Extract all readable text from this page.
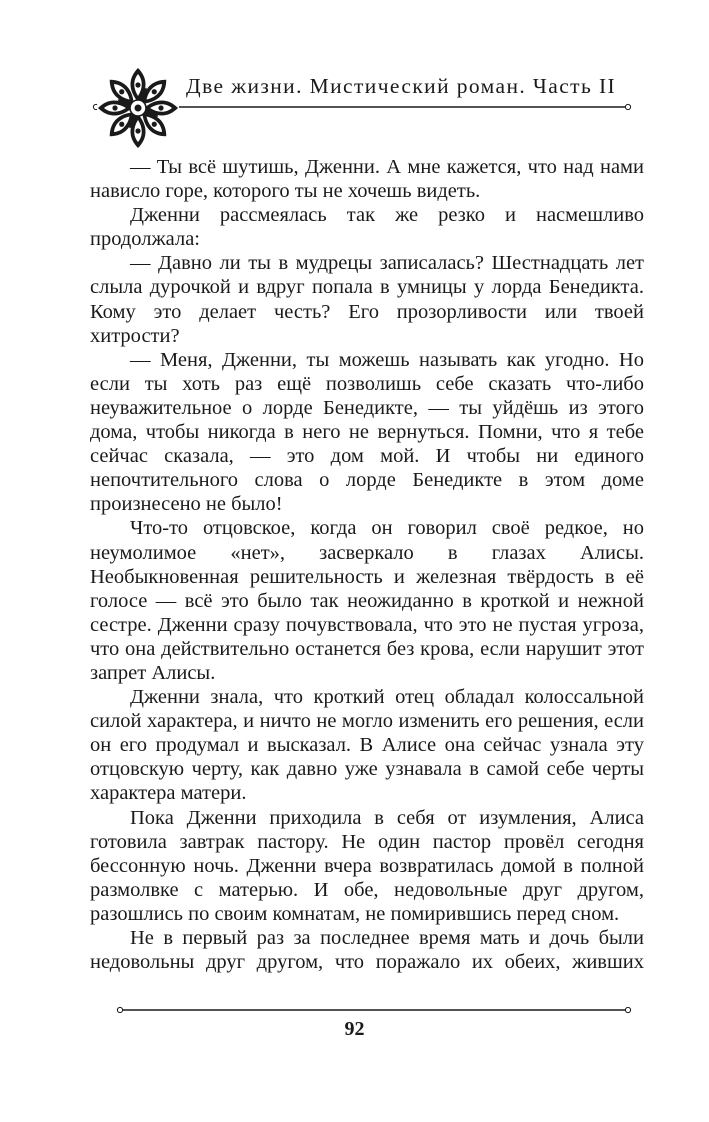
Две жизни. Мистический роман. Часть II

— Ты всё шутишь, Дженни. А мне кажется, что над нами нависло горе, которого ты не хочешь видеть.

Дженни рассмеялась так же резко и насмешливо продолжала:

— Давно ли ты в мудрецы записалась? Шестнадцать лет слыла дурочкой и вдруг попала в умницы у лорда Бенедикта. Кому это делает честь? Его прозорливости или твоей хитрости?

— Меня, Дженни, ты можешь называть как угодно. Но если ты хоть раз ещё позволишь себе сказать что-либо неуважительное о лорде Бенедикте, — ты уйдёшь из этого дома, чтобы никогда в него не вернуться. Помни, что я тебе сейчас сказала, — это дом мой. И чтобы ни единого непочтительного слова о лорде Бенедикте в этом доме произнесено не было!

Что-то отцовское, когда он говорил своё редкое, но неумолимое «нет», засверкало в глазах Алисы. Необыкновенная решительность и железная твёрдость в её голосе — всё это было так неожиданно в кроткой и нежной сестре. Дженни сразу почувствовала, что это не пустая угроза, что она действительно останется без крова, если нарушит этот запрет Алисы.

Дженни знала, что кроткий отец обладал колоссальной силой характера, и ничто не могло изменить его решения, если он его продумал и высказал. В Алисе она сейчас узнала эту отцовскую черту, как давно уже узнавала в самой себе черты характера матери.

Пока Дженни приходила в себя от изумления, Алиса готовила завтрак пастору. Не один пастор провёл сегодня бессонную ночь. Дженни вчера возвратилась домой в полной размолвке с матерью. И обе, недовольные друг другом, разошлись по своим комнатам, не помирившись перед сном.

Не в первый раз за последнее время мать и дочь были недовольны друг другом, что поражало их обеих, живших

92
